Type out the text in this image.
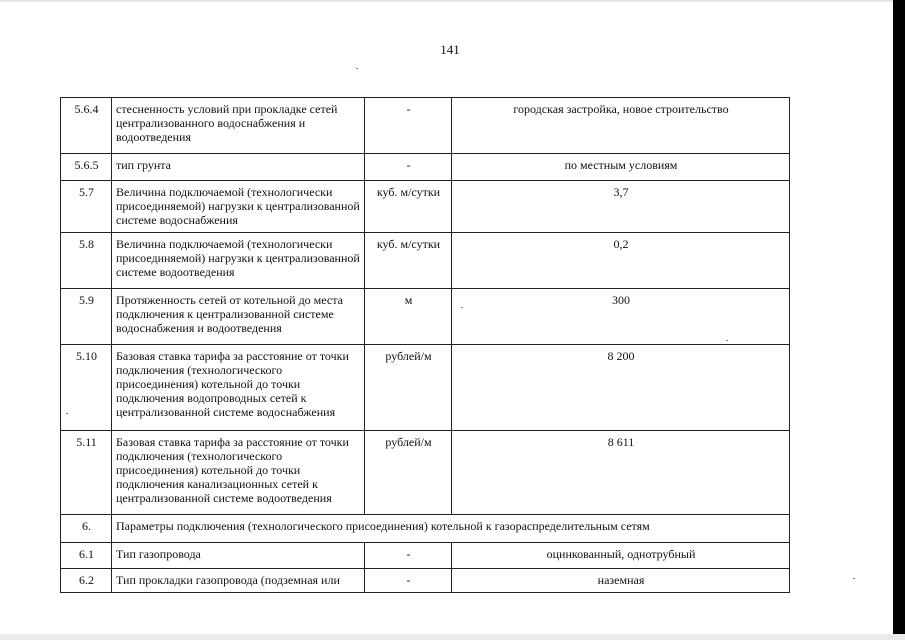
141
5.6.4	стесненность условий при прокладке сетей централизованного водоснабжения и водоотведения	-	городская застройка, новое строительство
5.6.5	тип грунта	-	по местным условиям
5.7	Величина подключаемой (технологически присоединяемой) нагрузки к централизованной системе водоснабжения	куб. м/сутки	3,7
5.8	Величина подключаемой (технологически присоединяемой) нагрузки к централизованной системе водоотведения	куб. м/сутки	0,2
5.9	Протяженность сетей от котельной до места подключения к централизованной системе водоснабжения и водоотведения	м	300
5.10	Базовая ставка тарифа за расстояние от точки подключения (технологического присоединения) котельной до точки подключения водопроводных сетей к централизованной системе водоснабжения	рублей/м	8 200
5.11	Базовая ставка тарифа за расстояние от точки подключения (технологического присоединения) котельной до точки подключения канализационных сетей к централизованной системе водоотведения	рублей/м	8 611
6.	Параметры подключения (технологического присоединения) котельной к газораспределительным сетям		
6.1	Тип газопровода	-	оцинкованный, однотрубный
6.2	Тип прокладки газопровода (подземная или	-	наземная
